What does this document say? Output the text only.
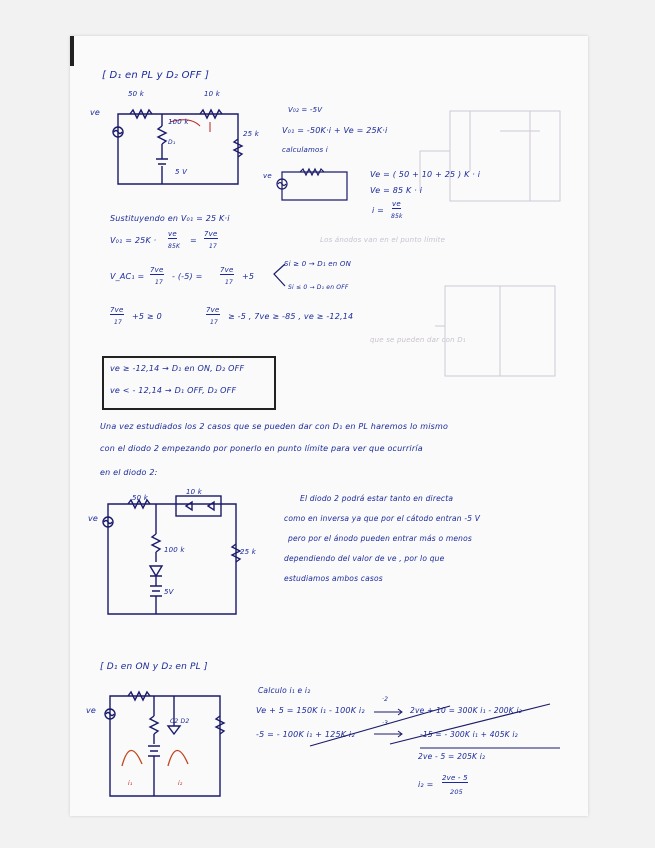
[ D₁ en PL y D₂ OFF ]
50 k	10 k
100 k
25 k
D₁
5 V
ve	V₀₂ = -5V
V₀₁ = -50K·i + Ve = 25K·i
calculamos i
ve	Ve = ( 50 + 10 + 25 ) K · i
Ve = 85 K · i
i =
ve
85k
Sustituyendo en V₀₁ = 25 K·i
V₀₁ = 25K ·
ve
85K
=
7ve
17
V_AC₁ =
7ve
17
- (-5) =
7ve
17
+5
Si ≥ 0 → D₁ en ON
Si ≤ 0 → D₁ en OFF
7ve
17
+5 ≥ 0
7ve
17
≥ -5 , 7ve ≥ -85 , ve ≥ -12,14
ve ≥ -12,14 → D₁ en ON, D₂ OFF
ve < - 12,14 → D₁ OFF, D₂ OFF
Los ánodos van en el punto límite
que se pueden dar con D₁
Una vez estudiados los 2 casos que se pueden dar con D₁ en PL haremos lo mismo
con el diodo 2 empezando por ponerlo en punto límite para ver que ocurriría
en el diodo 2:
50 k
10 k
100 k	25 k
5V
ve
El diodo 2 podrá estar tanto en directa
como en inversa ya que por el cátodo entran -5 V
pero por el ánodo pueden entrar más o menos
dependiendo del valor de ve , por lo que
estudiamos ambos casos
[ D₁ en ON y D₂ en PL ]
C2 D2
i₁	i₂
ve
Calculo i₁ e i₂
Ve + 5 = 150K i₁ - 100K i₂
·2
-5 = - 100K i₁ + 125K i₂
·3
2ve + 10 = 300K i₁ - 200K i₂
-15 = - 300K i₁ + 405K i₂
2ve - 5 = 205K i₂
i₂ =
2ve - 5
205
